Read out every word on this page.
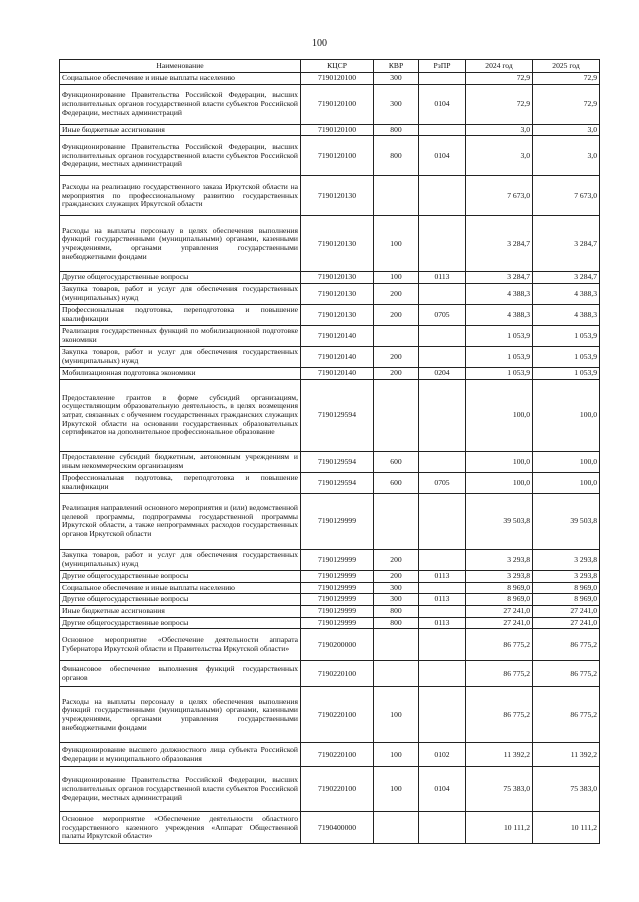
100
Наименование	КЦСР	КВР	РзПР	2024 год	2025 год
Социальное обеспечение и иные выплаты населению	7190120100	300		72,9	72,9
Функционирование Правительства Российской Федерации, высших исполнительных органов государственной власти субъектов Российской Федерации, местных администраций	7190120100	300	0104	72,9	72,9
Иные бюджетные ассигнования	7190120100	800		3,0	3,0
Функционирование Правительства Российской Федерации, высших исполнительных органов государственной власти субъектов Российской Федерации, местных администраций	7190120100	800	0104	3,0	3,0
Расходы на реализацию государственного заказа Иркутской области на мероприятия по профессиональному развитию государственных гражданских служащих Иркутской области	7190120130			7 673,0	7 673,0
Расходы на выплаты персоналу в целях обеспечения выполнения функций государственными (муниципальными) органами, казенными учреждениями, органами управления государственными внебюджетными фондами	7190120130	100		3 284,7	3 284,7
Другие общегосударственные вопросы	7190120130	100	0113	3 284,7	3 284,7
Закупка товаров, работ и услуг для обеспечения государственных (муниципальных) нужд	7190120130	200		4 388,3	4 388,3
Профессиональная подготовка, переподготовка и повышение квалификации	7190120130	200	0705	4 388,3	4 388,3
Реализация государственных функций по мобилизационной подготовке экономики	7190120140			1 053,9	1 053,9
Закупка товаров, работ и услуг для обеспечения государственных (муниципальных) нужд	7190120140	200		1 053,9	1 053,9
Мобилизационная подготовка экономики	7190120140	200	0204	1 053,9	1 053,9
Предоставление грантов в форме субсидий организациям, осуществляющим образовательную деятельность, в целях возмещения затрат, связанных с обучением государственных гражданских служащих Иркутской области на основании государственных образовательных сертификатов на дополнительное профессиональное образование	7190129594			100,0	100,0
Предоставление субсидий бюджетным, автономным учреждениям и иным некоммерческим организациям	7190129594	600		100,0	100,0
Профессиональная подготовка, переподготовка и повышение квалификации	7190129594	600	0705	100,0	100,0
Реализация направлений основного мероприятия и (или) ведомственной целевой программы, подпрограммы государственной программы Иркутской области, а также непрограммных расходов государственных органов Иркутской области	7190129999			39 503,8	39 503,8
Закупка товаров, работ и услуг для обеспечения государственных (муниципальных) нужд	7190129999	200		3 293,8	3 293,8
Другие общегосударственные вопросы	7190129999	200	0113	3 293,8	3 293,8
Социальное обеспечение и иные выплаты населению	7190129999	300		8 969,0	8 969,0
Другие общегосударственные вопросы	7190129999	300	0113	8 969,0	8 969,0
Иные бюджетные ассигнования	7190129999	800		27 241,0	27 241,0
Другие общегосударственные вопросы	7190129999	800	0113	27 241,0	27 241,0
Основное мероприятие «Обеспечение деятельности аппарата Губернатора Иркутской области и Правительства Иркутской области»	7190200000			86 775,2	86 775,2
Финансовое обеспечение выполнения функций государственных органов	7190220100			86 775,2	86 775,2
Расходы на выплаты персоналу в целях обеспечения выполнения функций государственными (муниципальными) органами, казенными учреждениями, органами управления государственными внебюджетными фондами	7190220100	100		86 775,2	86 775,2
Функционирование высшего должностного лица субъекта Российской Федерации и муниципального образования	7190220100	100	0102	11 392,2	11 392,2
Функционирование Правительства Российской Федерации, высших исполнительных органов государственной власти субъектов Российской Федерации, местных администраций	7190220100	100	0104	75 383,0	75 383,0
Основное мероприятие «Обеспечение деятельности областного государственного казенного учреждения «Аппарат Общественной палаты Иркутской области»	7190400000			10 111,2	10 111,2
